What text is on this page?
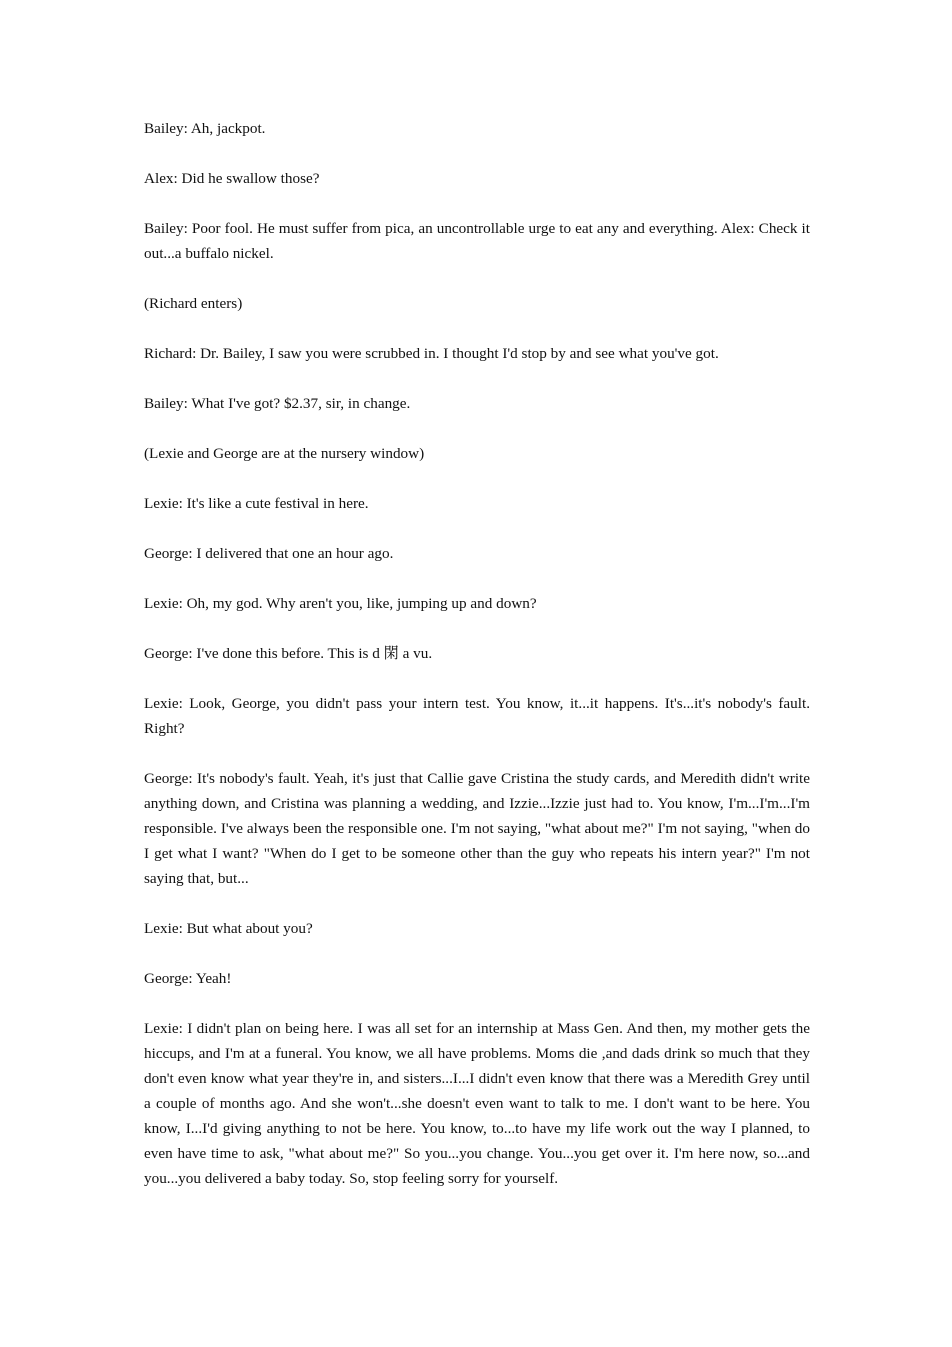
Bailey: Ah, jackpot.

Alex: Did he swallow those?

Bailey: Poor fool. He must suffer from pica, an uncontrollable urge to eat any and everything. Alex: Check it out...a buffalo nickel.

(Richard enters)

Richard: Dr. Bailey, I saw you were scrubbed in. I thought I'd stop by and see what you've got.

Bailey: What I've got? $2.37, sir, in change.

(Lexie and George are at the nursery window)

Lexie: It's like a cute festival in here.

George: I delivered that one an hour ago.

Lexie: Oh, my god. Why aren't you, like, jumping up and down?

George: I've done this before. This is d 閑 a vu.

Lexie: Look, George, you didn't pass your intern test. You know, it...it happens. It's...it's nobody's fault. Right?

George: It's nobody's fault. Yeah, it's just that Callie gave Cristina the study cards, and Meredith didn't write anything down, and Cristina was planning a wedding, and Izzie...Izzie just had to. You know, I'm...I'm...I'm responsible. I've always been the responsible one. I'm not saying, "what about me?" I'm not saying, "when do I get what I want? "When do I get to be someone other than the guy who repeats his intern year?" I'm not saying that, but...

Lexie: But what about you?

George: Yeah!

Lexie: I didn't plan on being here. I was all set for an internship at Mass Gen. And then, my mother gets the hiccups, and I'm at a funeral. You know, we all have problems. Moms die ,and dads drink so much that they don't even know what year they're in, and sisters...I...I didn't even know that there was a Meredith Grey until a couple of months ago. And she won't...she doesn't even want to talk to me. I don't want to be here. You know, I...I'd giving anything to not be here. You know, to...to have my life work out the way I planned, to even have time to ask, "what about me?" So you...you change. You...you get over it. I'm here now, so...and you...you delivered a baby today. So, stop feeling sorry for yourself.
